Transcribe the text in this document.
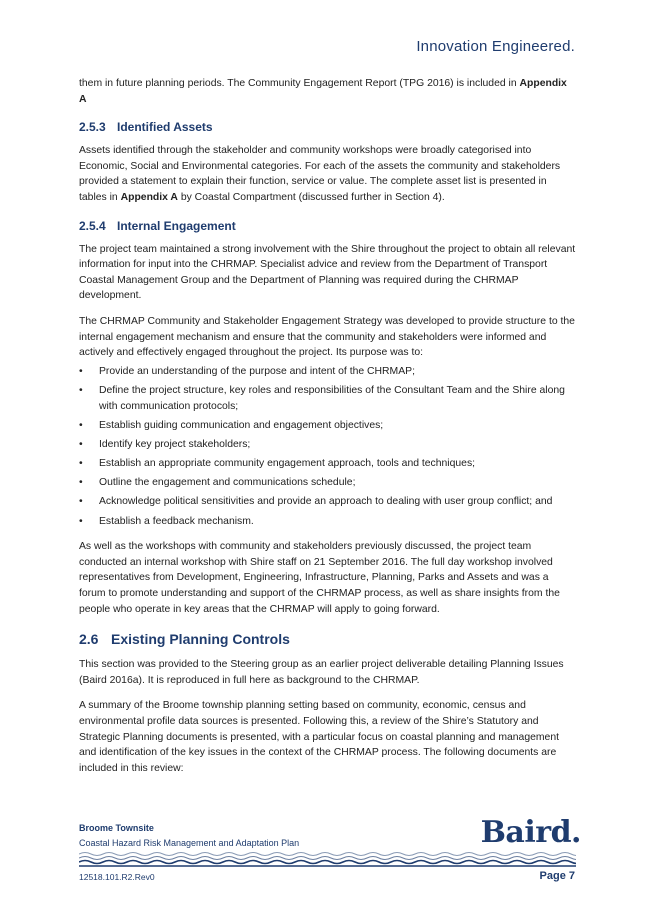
Innovation Engineered.

them in future planning periods. The Community Engagement Report (TPG 2016) is included in Appendix A

2.5.3 Identified Assets

Assets identified through the stakeholder and community workshops were broadly categorised into Economic, Social and Environmental categories. For each of the assets the community and stakeholders provided a statement to explain their function, service or value. The complete asset list is presented in tables in Appendix A by Coastal Compartment (discussed further in Section 4).

2.5.4 Internal Engagement

The project team maintained a strong involvement with the Shire throughout the project to obtain all relevant information for input into the CHRMAP. Specialist advice and review from the Department of Transport Coastal Management Group and the Department of Planning was required during the CHRMAP development.

The CHRMAP Community and Stakeholder Engagement Strategy was developed to provide structure to the internal engagement mechanism and ensure that the community and stakeholders were informed and actively and effectively engaged throughout the project. Its purpose was to:

• Provide an understanding of the purpose and intent of the CHRMAP;
• Define the project structure, key roles and responsibilities of the Consultant Team and the Shire along with communication protocols;
• Establish guiding communication and engagement objectives;
• Identify key project stakeholders;
• Establish an appropriate community engagement approach, tools and techniques;
• Outline the engagement and communications schedule;
• Acknowledge political sensitivities and provide an approach to dealing with user group conflict; and
• Establish a feedback mechanism.

As well as the workshops with community and stakeholders previously discussed, the project team conducted an internal workshop with Shire staff on 21 September 2016. The full day workshop involved representatives from Development, Engineering, Infrastructure, Planning, Parks and Assets and was a forum to promote understanding and support of the CHRMAP process, as well as share insights from the people who operate in key areas that the CHRMAP will apply to going forward.

2.6 Existing Planning Controls

This section was provided to the Steering group as an earlier project deliverable detailing Planning Issues (Baird 2016a). It is reproduced in full here as background to the CHRMAP.

A summary of the Broome township planning setting based on community, economic, census and environmental profile data sources is presented. Following this, a review of the Shire’s Statutory and Strategic Planning documents is presented, with a particular focus on coastal planning and management and identification of the key issues in the context of the CHRMAP process. The following documents are included in this review:

Broome Townsite
Coastal Hazard Risk Management and Adaptation Plan	Baird.
12518.101.R2.Rev0	Page 7
